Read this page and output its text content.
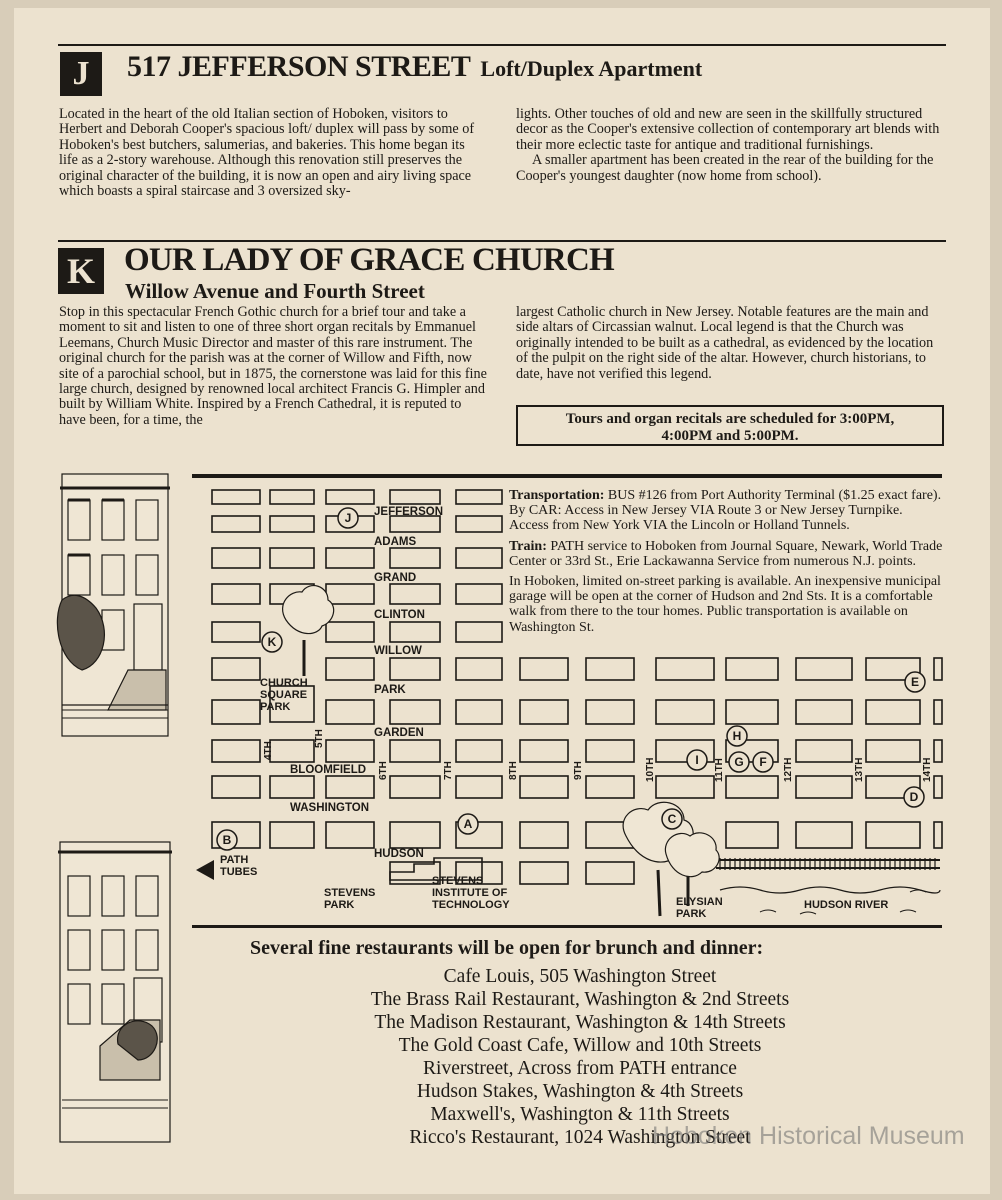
J 517 JEFFERSON STREET Loft/Duplex Apartment

Located in the heart of the old Italian section of Hoboken, visitors to Herbert and Deborah Cooper's spacious loft/ duplex will pass by some of Hoboken's best butchers, salumerias, and bakeries. This home began its life as a 2-story warehouse. Although this renovation still preserves the original character of the building, it is now an open and airy living space which boasts a spiral staircase and 3 oversized sky-

lights. Other touches of old and new are seen in the skillfully structured decor as the Cooper's extensive collection of contemporary art blends with their more eclectic taste for antique and traditional furnishings.

A smaller apartment has been created in the rear of the building for the Cooper's youngest daughter (now home from school).

K OUR LADY OF GRACE CHURCH
Willow Avenue and Fourth Street

Stop in this spectacular French Gothic church for a brief tour and take a moment to sit and listen to one of three short organ recitals by Emmanuel Leemans, Church Music Director and master of this rare instrument. The original church for the parish was at the corner of Willow and Fifth, now site of a parochial school, but in 1875, the cornerstone was laid for this fine large church, designed by renowned local architect Francis G. Himpler and built by William White. Inspired by a French Cathedral, it is reputed to have been, for a time, the

largest Catholic church in New Jersey. Notable features are the main and side altars of Circassian walnut. Local legend is that the Church was originally intended to be built as a cathedral, as evidenced by the location of the pulpit on the right side of the altar. However, church historians, to date, have not verified this legend.

Tours and organ recitals are scheduled for 3:00PM,
4:00PM and 5:00PM.
JEFFERSON
ADAMS
GRAND
CLINTON
WILLOW
PARK
GARDEN
BLOOMFIELD
WASHINGTON
HUDSON
4TH
5TH
6TH	7TH	8TH	9TH	10TH	11TH	12TH	13TH	14TH
CHURCH
SQUARE
PARK
PATH
TUBES
STEVENS
PARK
STEVENS
INSTITUTE OF
TECHNOLOGY	ELYSIAN
PARK
HUDSON RIVER
A
B
C
D
E
F
G
H
I
J
K

Transportation: BUS #126 from Port Authority Terminal ($1.25 exact fare). By CAR: Access in New Jersey VIA Route 3 or New Jersey Turnpike. Access from New York VIA the Lincoln or Holland Tunnels.

Train: PATH service to Hoboken from Journal Square, Newark, World Trade Center or 33rd St., Erie Lackawanna Service from numerous N.J. points.

In Hoboken, limited on-street parking is available. An inexpensive municipal garage will be open at the corner of Hudson and 2nd Sts. It is a comfortable walk from there to the tour homes. Public transportation is available on Washington St.

Several fine restaurants will be open for brunch and dinner:
Cafe Louis, 505 Washington Street
The Brass Rail Restaurant, Washington & 2nd Streets
The Madison Restaurant, Washington & 14th Streets
The Gold Coast Cafe, Willow and 10th Streets
Riverstreet, Across from PATH entrance
Hudson Stakes, Washington & 4th Streets
Maxwell's, Washington & 11th Streets
Ricco's Restaurant, 1024 Washington Street
Hoboken Historical Museum
